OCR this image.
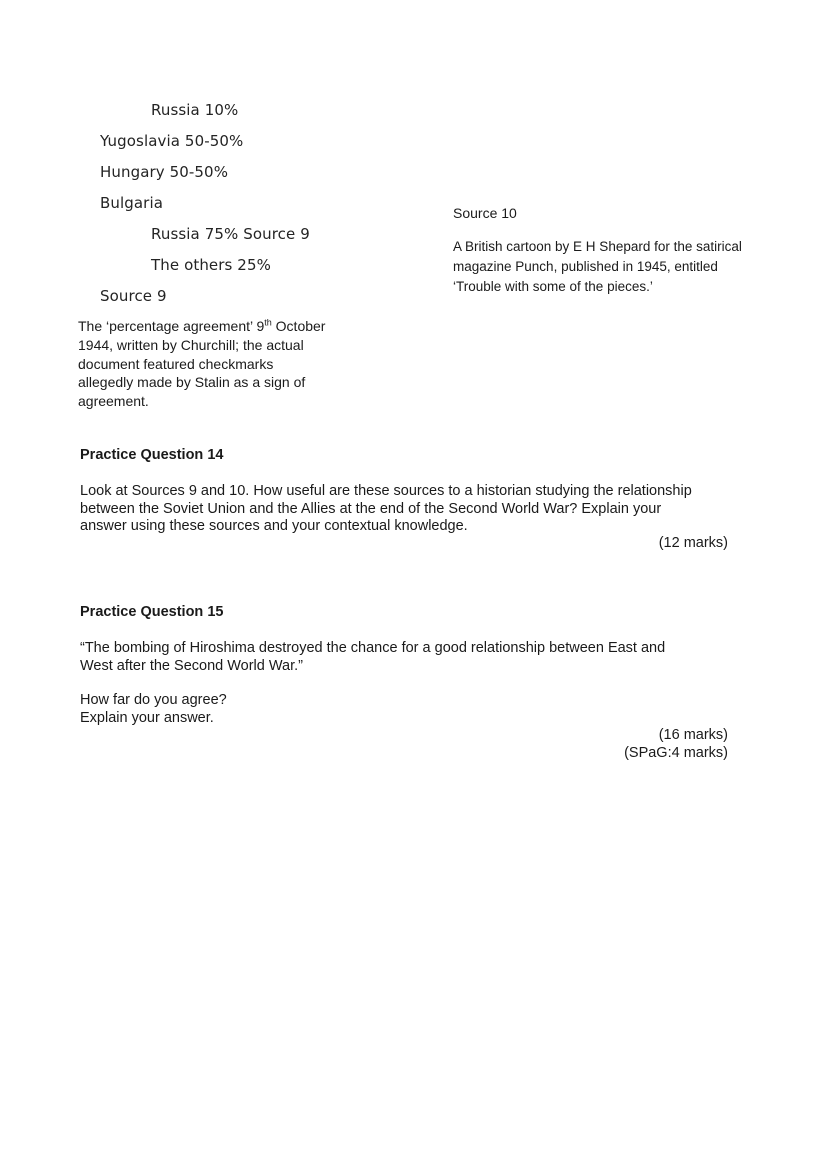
Russia 10%
Yugoslavia 50-50%
Hungary 50-50%
Bulgaria
Russia 75% Source 9
The others 25%
Source 9
The ‘percentage agreement’ 9th October
1944, written by Churchill; the actual
document featured checkmarks
allegedly made by Stalin as a sign of
agreement.
Source 10
A British cartoon by E H Shepard for the satirical
magazine Punch, published in 1945, entitled
‘Trouble with some of the pieces.’
Practice Question 14
Look at Sources 9 and 10. How useful are these sources to a historian studying the relationship
between the Soviet Union and the Allies at the end of the Second World War? Explain your
answer using these sources and your contextual knowledge.
(12 marks)
Practice Question 15
“The bombing of Hiroshima destroyed the chance for a good relationship between East and
West after the Second World War.”
How far do you agree?
Explain your answer.
(16 marks)
(SPaG:4 marks)
